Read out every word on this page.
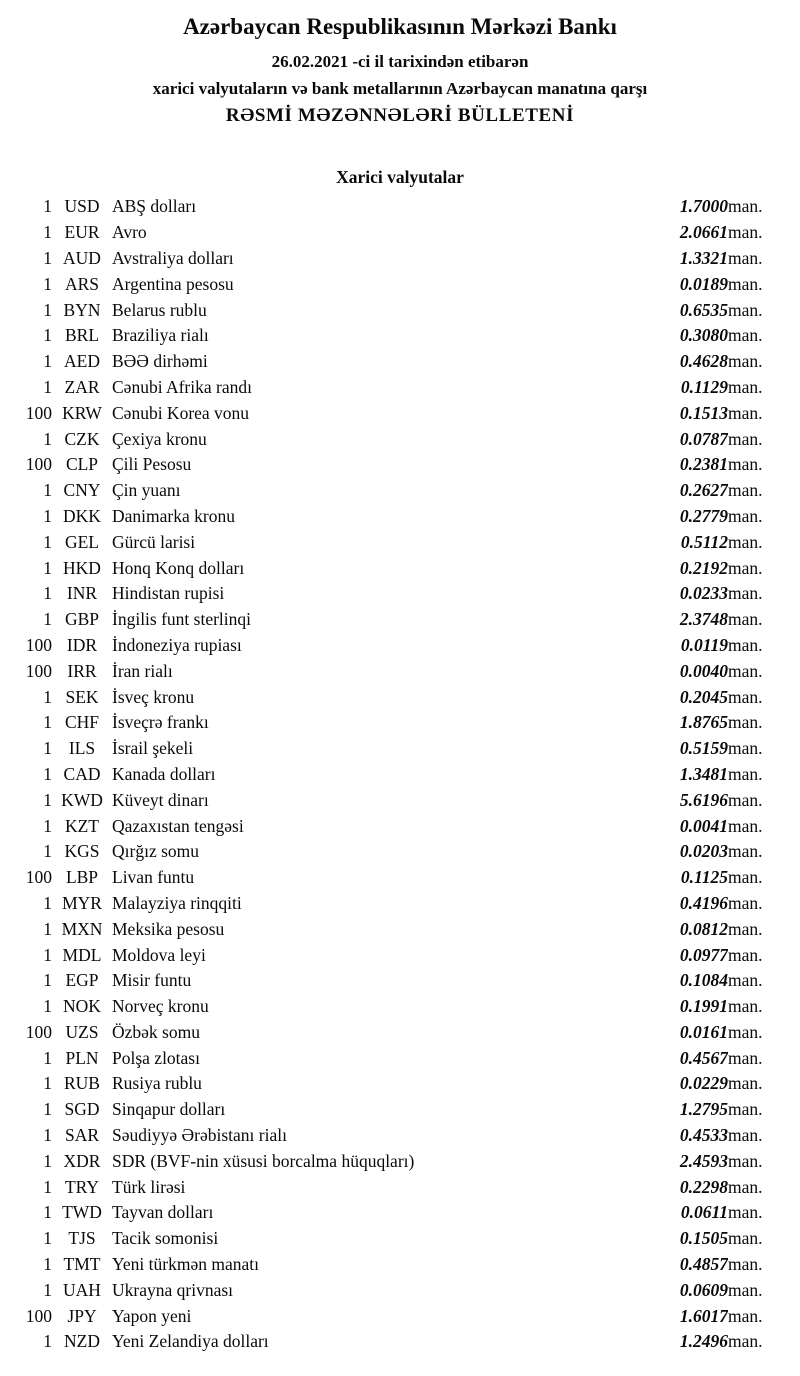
Azərbaycan Respublikasının Mərkəzi Bankı
26.02.2021 -ci il tarixindən etibarən
xarici valyutaların və bank metallarının Azərbaycan manatına qarşı
RƏSMİ MƏZƏNNƏLƏRİ BÜLLETENİ
Xarici valyutalar
1	USD	ABŞ dolları	1.7000	man.
1	EUR	Avro	2.0661	man.
1	AUD	Avstraliya dolları	1.3321	man.
1	ARS	Argentina pesosu	0.0189	man.
1	BYN	Belarus rublu	0.6535	man.
1	BRL	Braziliya rialı	0.3080	man.
1	AED	BƏƏ dirhəmi	0.4628	man.
1	ZAR	Cənubi Afrika randı	0.1129	man.
100	KRW	Cənubi Korea vonu	0.1513	man.
1	CZK	Çexiya kronu	0.0787	man.
100	CLP	Çili Pesosu	0.2381	man.
1	CNY	Çin yuanı	0.2627	man.
1	DKK	Danimarka kronu	0.2779	man.
1	GEL	Gürcü larisi	0.5112	man.
1	HKD	Honq Konq dolları	0.2192	man.
1	INR	Hindistan rupisi	0.0233	man.
1	GBP	İngilis funt sterlinqi	2.3748	man.
100	IDR	İndoneziya rupiası	0.0119	man.
100	IRR	İran rialı	0.0040	man.
1	SEK	İsveç kronu	0.2045	man.
1	CHF	İsveçrə frankı	1.8765	man.
1	ILS	İsrail şekeli	0.5159	man.
1	CAD	Kanada dolları	1.3481	man.
1	KWD	Küveyt dinarı	5.6196	man.
1	KZT	Qazaxıstan tengəsi	0.0041	man.
1	KGS	Qırğız somu	0.0203	man.
100	LBP	Livan funtu	0.1125	man.
1	MYR	Malayziya rinqqiti	0.4196	man.
1	MXN	Meksika pesosu	0.0812	man.
1	MDL	Moldova leyi	0.0977	man.
1	EGP	Misir funtu	0.1084	man.
1	NOK	Norveç kronu	0.1991	man.
100	UZS	Özbək somu	0.0161	man.
1	PLN	Polşa zlotası	0.4567	man.
1	RUB	Rusiya rublu	0.0229	man.
1	SGD	Sinqapur dolları	1.2795	man.
1	SAR	Səudiyyə Ərəbistanı rialı	0.4533	man.
1	XDR	SDR (BVF-nin xüsusi borcalma hüquqları)	2.4593	man.
1	TRY	Türk lirəsi	0.2298	man.
1	TWD	Tayvan dolları	0.0611	man.
1	TJS	Tacik somonisi	0.1505	man.
1	TMT	Yeni türkmən manatı	0.4857	man.
1	UAH	Ukrayna qrivnası	0.0609	man.
100	JPY	Yapon yeni	1.6017	man.
1	NZD	Yeni Zelandiya dolları	1.2496	man.
